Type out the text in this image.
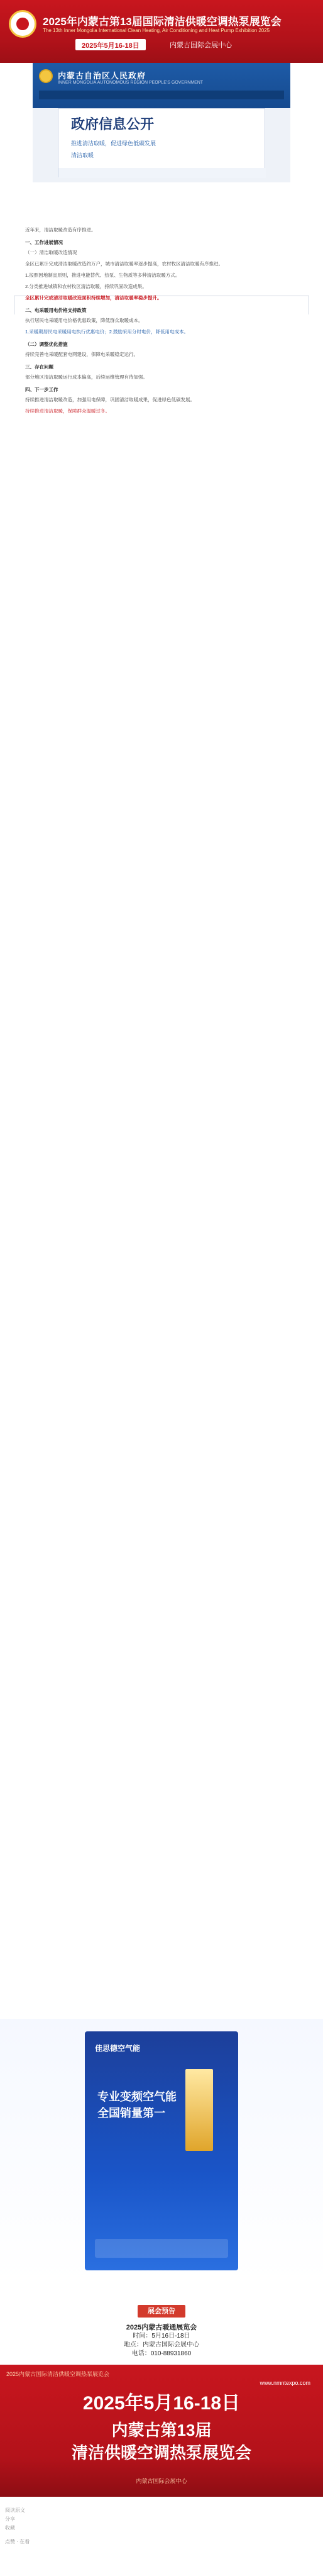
2025年内蒙古第13届国际清洁供暖空调热泵展览会
The 13th Inner Mongolia International Clean Heating, Air Conditioning and Heat Pump Exhibition 2025
2025年5月16-18日	内蒙古国际会展中心
内蒙古自治区人民政府
INNER MONGOLIA AUTONOMOUS REGION PEOPLE'S GOVERNMENT
政府信息公开
推进清洁取暖，促进绿色低碳发展
清洁取暖

近年来，清洁取暖改造有序推进。

一、工作进展情况

（一）清洁取暖改造情况

全区已累计完成清洁取暖改造约万户，城市清洁取暖率逐步提高，农村牧区清洁取暖有序推进。

1.按照因地制宜原则，推进电能替代、热泵、生物质等多种清洁取暖方式。

2.分类推进城镇和农村牧区清洁取暖，持续巩固改造成果。

全区累计完成清洁取暖改造面积持续增加，清洁取暖率稳步提升。

二、电采暖用电价格支持政策

执行居民电采暖用电价格优惠政策，降低群众取暖成本。

1.采暖期居民电采暖用电执行优惠电价；2.鼓励采用分时电价，降低用电成本。

（二）调整优化措施

持续完善电采暖配套电网建设，保障电采暖稳定运行。

三、存在问题

部分地区清洁取暖运行成本偏高，后续运维管理有待加强。

四、下一步工作

持续推进清洁取暖改造，加强用电保障，巩固清洁取暖成果，促进绿色低碳发展。

持续推进清洁取暖，保障群众温暖过冬。

佳思德空气能
专业变频空气能
全国销量第一
展会预告
2025内蒙古暖通展览会
时间：5月16日-18日
地点：内蒙古国际会展中心
电话：010-88931860
2025内蒙古国际清洁供暖空调热泵展览会
www.nmntexpo.com
2025年5月16-18日
内蒙古第13届
清洁供暖空调热泵展览会
内蒙古国际会展中心
阅读原文
分享
收藏
点赞 · 在看
